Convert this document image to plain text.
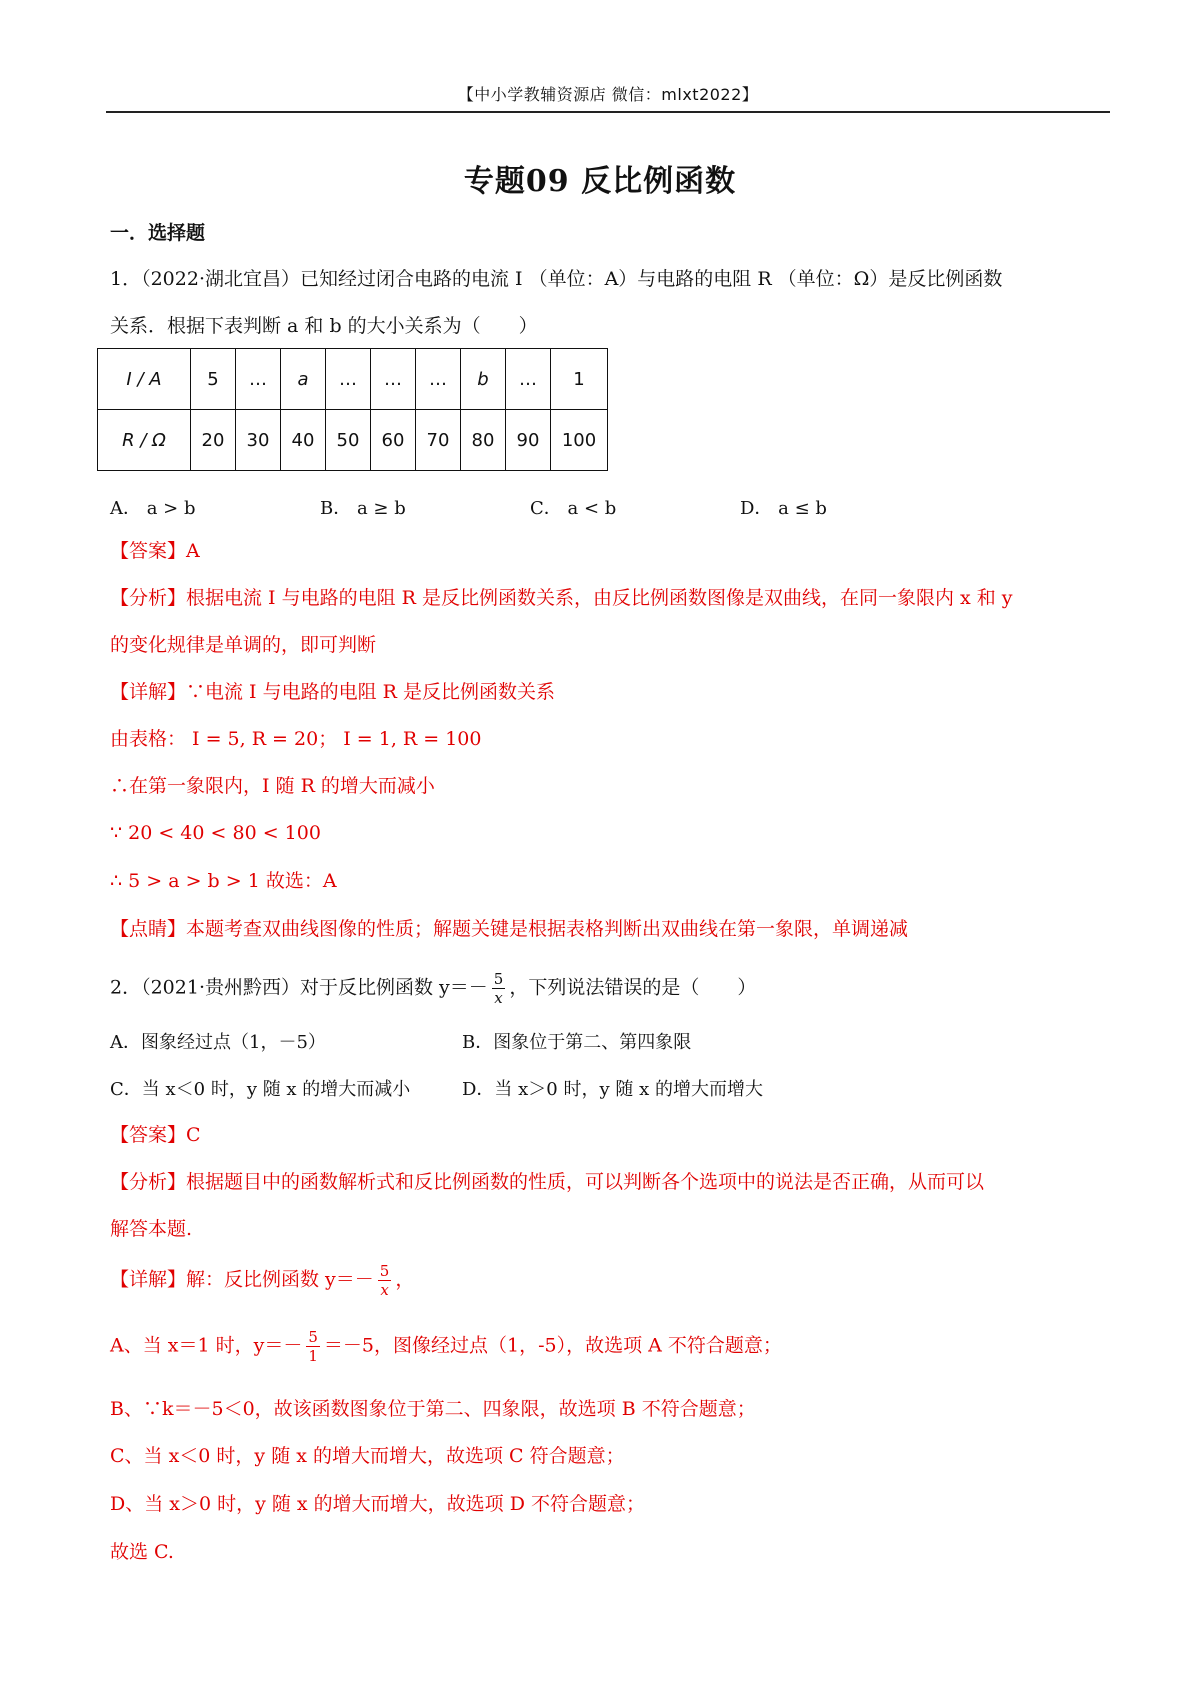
【中小学教辅资源店 微信：mlxt2022】
专题09 反比例函数
一．选择题
1．（2022·湖北宜昌）已知经过闭合电路的电流 I （单位：A）与电路的电阻 R （单位：Ω）是反比例函数
关系．根据下表判断 a 和 b 的大小关系为（　　）
I / A	5	…	a	…	…	…	b	…	1
R / Ω	20	30	40	50	60	70	80	90	100
A． a > b	B． a ≥ b	C． a < b	D． a ≤ b
【答案】A
【分析】根据电流 I 与电路的电阻 R 是反比例函数关系，由反比例函数图像是双曲线，在同一象限内 x 和 y
的变化规律是单调的，即可判断
【详解】∵电流 I 与电路的电阻 R 是反比例函数关系
由表格： I = 5, R = 20； I = 1, R = 100
∴在第一象限内，I 随 R 的增大而减小
∵ 20 < 40 < 80 < 100
∴ 5 > a > b > 1 故选：A
【点睛】本题考查双曲线图像的性质；解题关键是根据表格判断出双曲线在第一象限，单调递减
2．（2021·贵州黔西）对于反比例函数 $y=- \frac{5}{x}$ ，下列说法错误的是（　　）
A．图象经过点（1，－5）	B．图象位于第二、第四象限
C．当 x＜0 时，y 随 x 的增大而减小	D．当 x＞0 时，y 随 x 的增大而增大
【答案】C
【分析】根据题目中的函数解析式和反比例函数的性质，可以判断各个选项中的说法是否正确，从而可以
解答本题.
【详解】解：反比例函数 $y=- \frac{5}{x}$ ，
A、当 x＝1 时，$y=- \frac{5}{1} =-5$，图像经过点（1，-5），故选项 A 不符合题意；
B、∵k＝－5＜0，故该函数图象位于第二、四象限，故选项 B 不符合题意；
C、当 x＜0 时，y 随 x 的增大而增大，故选项 C 符合题意；
D、当 x＞0 时，y 随 x 的增大而增大，故选项 D 不符合题意；
故选 C.
